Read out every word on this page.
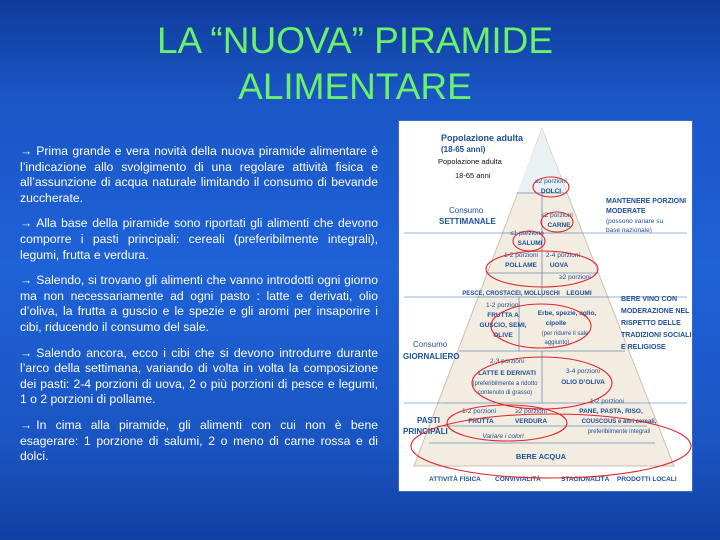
LA “NUOVA” PIRAMIDE
ALIMENTARE

→ Prima grande e vera novità della nuova piramide alimentare è l’indicazione allo svolgimento di una regolare attività fisica e all’assunzione di acqua naturale limitando il consumo di bevande zuccherate.

→ Alla base della piramide sono riportati gli alimenti che devono comporre i pasti principali: cereali (preferibilmente integrali), legumi, frutta e verdura.

→ Salendo, si trovano gli alimenti che vanno introdotti ogni giorno ma non necessariamente ad ogni pasto : latte e derivati, olio d’oliva, la frutta a guscio e le spezie e gli aromi per insaporire i cibi, riducendo il consumo del sale.

→ Salendo ancora, ecco i cibi che si devono introdurre durante l’arco della settimana, variando di volta in volta la composizione dei pasti: 2-4 porzioni di uova, 2 o più porzioni di pesce e legumi, 1 o 2 porzioni di pollame.

→ In cima alla piramide, gli alimenti con cui non è bene esagerare: 1 porzione di salumi, 2 o meno di carne rossa e di dolci.

Popolazione adulta
(18-65 anni)
Popolazione adulta
18-65 anni
Consumo
SETTIMANALE
Consumo
GIORNALIERO
PASTI
PRINCIPALI
MANTENERE PORZIONI
MODERATE
(possono variare su
base nazionale)
BERE VINO CON
MODERAZIONE NEL
RISPETTO DELLE
TRADIZIONI SOCIALI
E RELIGIOSE
≤2 porzioni
DOLCI
≤2 porzioni
CARNE
≤1 porzione
SALUMI
1-2 porzioni
POLLAME
2-4 porzioni
UOVA
≥2 porzioni
PESCE, CROSTACEI, MOLLUSCHI LEGUMI
1-2 porzioni
FRUTTA A
GUSCIO, SEMI,
OLIVE
Erbe, spezie, aglio,
cipolle
(per ridurre il sale
aggiunto)
2-3 porzioni
LATTE E DERIVATI
(preferibilmente a ridotto
contenuto di grasso)
3-4 porzioni
OLIO D’OLIVA
1-2 porzioni
FRUTTA
≥2 porzioni
VERDURA
1-2 porzioni
PANE, PASTA, RISO,
COUSCOUS e altri cereali,
preferibilmente integrali
Variare i colori
BERE ACQUA
ATTIVITÀ FISICA CONVIVIALITÀ	STAGIONALITÀ PRODOTTI LOCALI
